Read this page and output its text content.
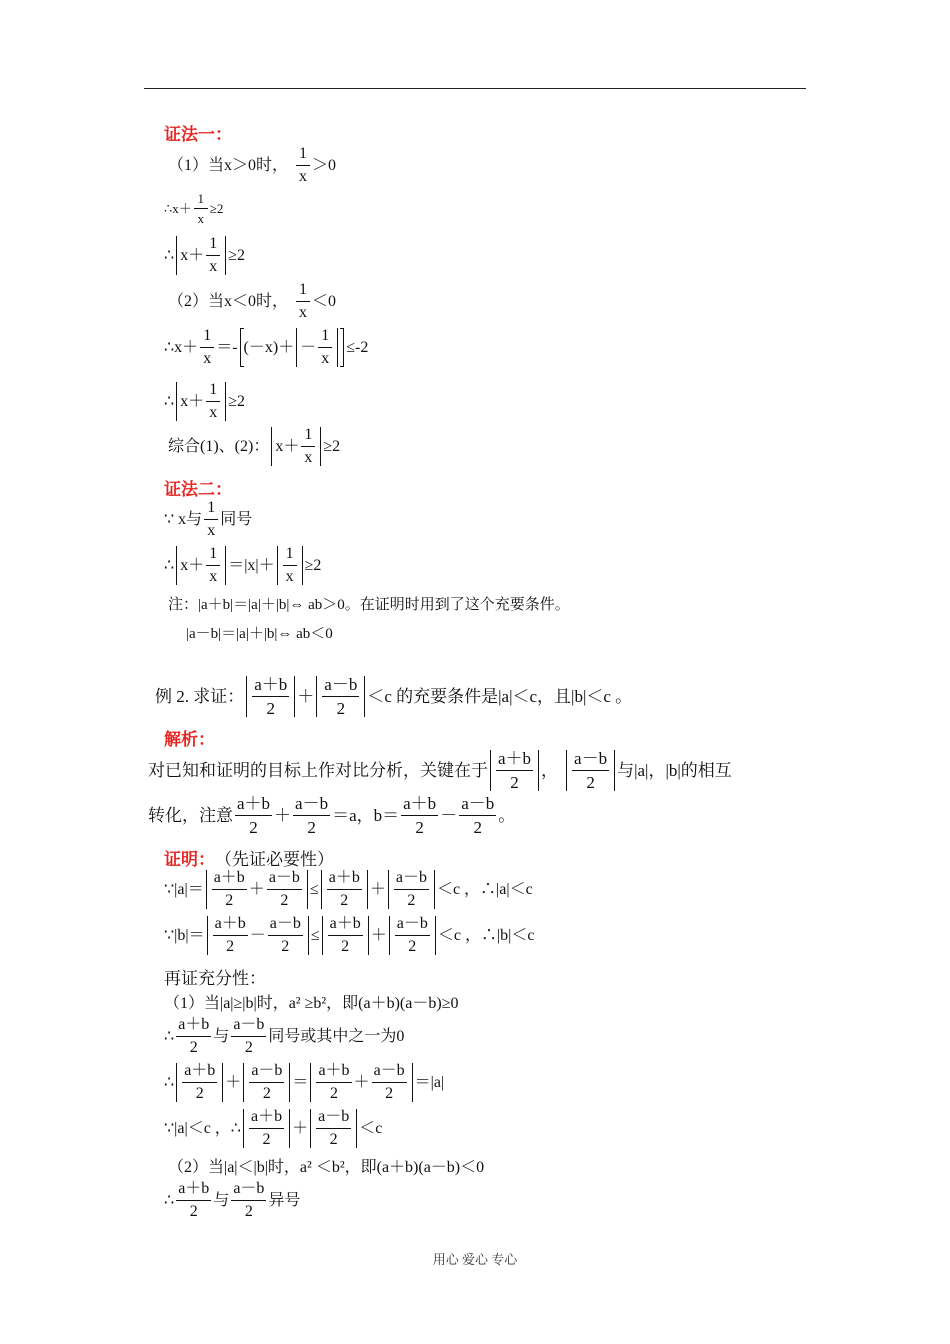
证法一：
（1）当x＞0时， $\frac{1}{x} >0$
∴x＋ $\frac{1}{x} \ge 2$
∴ $x+ \frac{1}{x} \ge 2$
（2）当x＜0时， $\frac{1}{x} <0$
∴x＋ $\frac{1}{x} =- (-x)$ ＋ － $\frac{1}{x} \le-2$
∴ $x+ \frac{1}{x} \ge 2$
综合(1)、(2)： $x+ \frac{1}{x} \ge 2$
证法二：
∵ x与 $\frac{1}{x}$ 同号
∴ $x+ \frac{1}{x} =|x|+ \frac{1}{x} \ge 2$
注：|a＋b|＝|a|＋|b|⇔ ab＞0。在证明时用到了这个充要条件。
|a－b|＝|a|＋|b|⇔ ab＜0
例 2. 求证： $\frac{a+b}{2} + \frac{a-b}{2} <c$ 的充要条件是|a|＜c，且|b|＜c 。
解析：
对已知和证明的目标上作对比分析，关键在于 $\frac{a+b}{2}$ ， $\frac{a-b}{2}$ 与|a|，|b|的相互
转化，注意 $\frac{a+b}{2} + \frac{a-b}{2} =a$，$b= \frac{a+b}{2} - \frac{a-b}{2}$ 。
证明： （先证必要性）
∵|a|＝ $\frac{a+b}{2} + \frac{a-b}{2} \le \frac{a+b}{2} + \frac{a-b}{2} <c$ ，∴|a|＜c
∵|b|＝ $\frac{a+b}{2} - \frac{a-b}{2} \le \frac{a+b}{2} + \frac{a-b}{2} <c$ ，∴|b|＜c
再证充分性：
（1）当|a|≥|b|时，a² ≥b²，即(a＋b)(a－b)≥0
∴ $\frac{a+b}{2}$ 与 $\frac{a-b}{2}$ 同号或其中之一为0
∴ $\frac{a+b}{2} + \frac{a-b}{2} = \frac{a+b}{2} + \frac{a-b}{2} =|a|$
∵|a|＜c ，∴ $\frac{a+b}{2} + \frac{a-b}{2} <c$
（2）当|a|＜|b|时，a² ＜b²，即(a＋b)(a－b)＜0
∴ $\frac{a+b}{2}$ 与 $\frac{a-b}{2}$ 异号
用心 爱心 专心
